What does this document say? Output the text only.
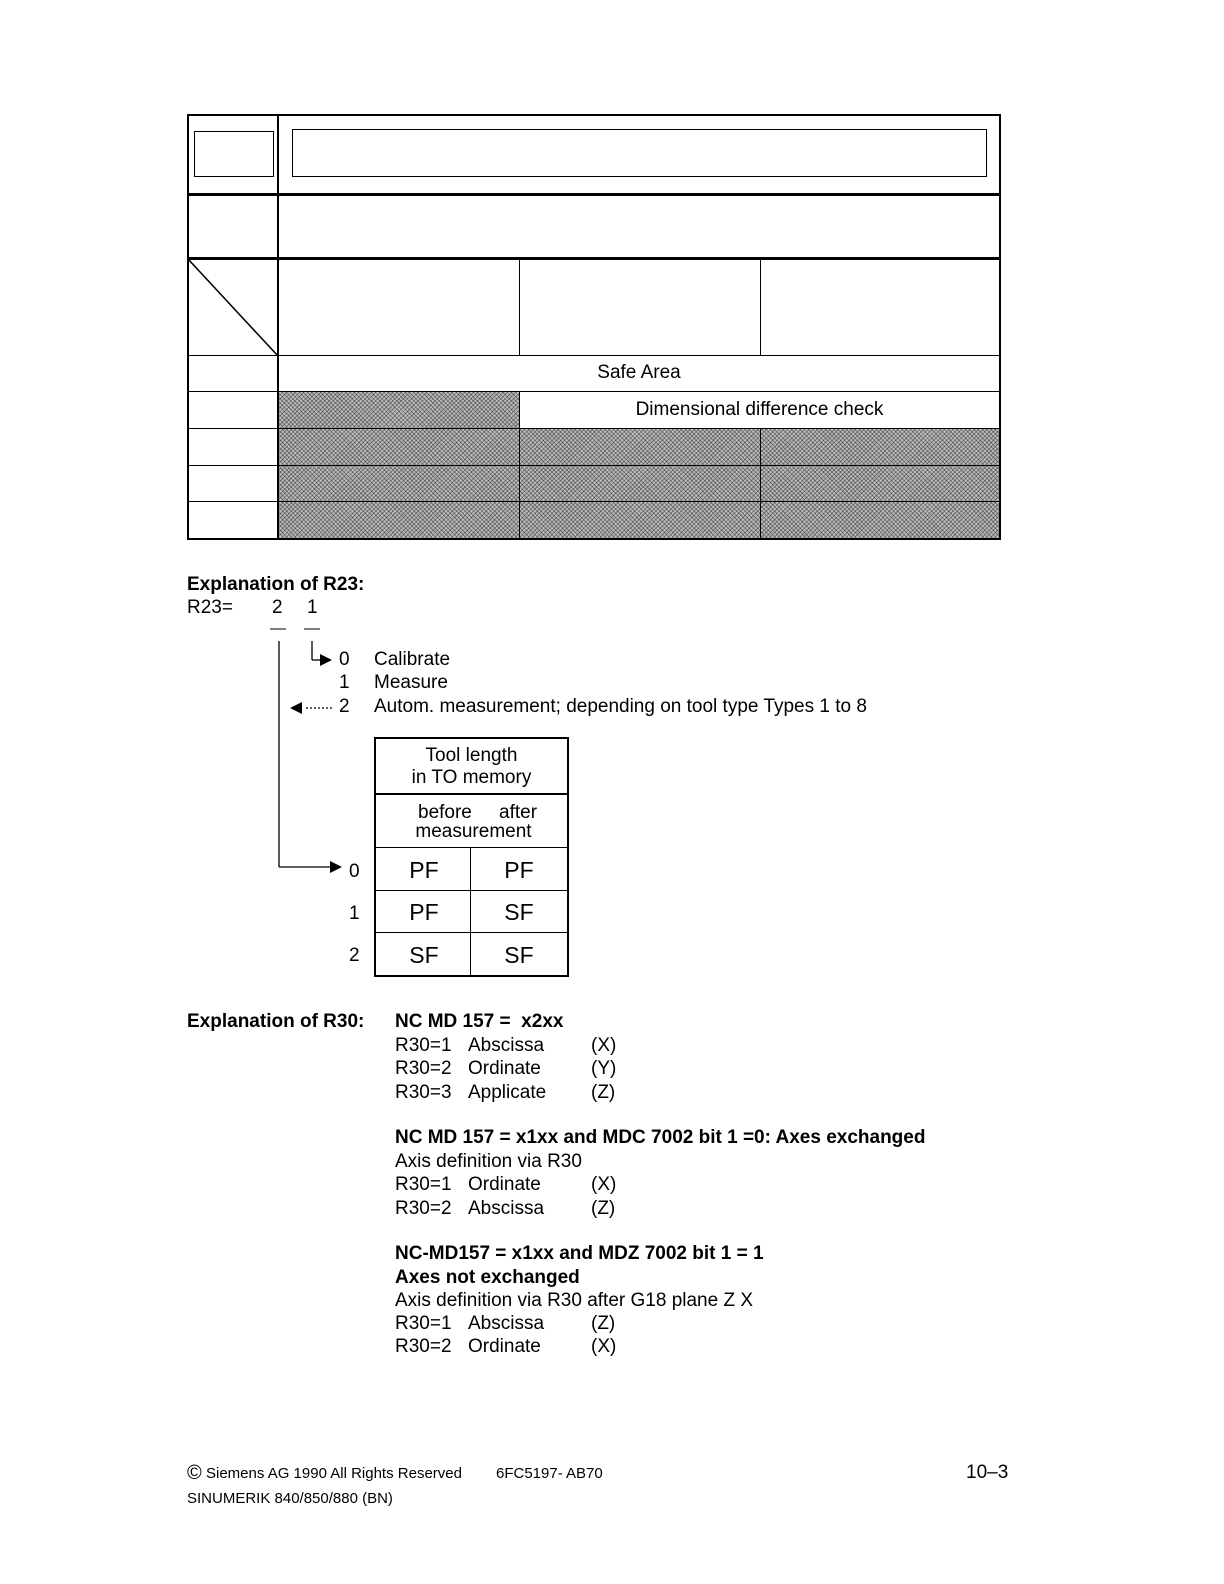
Safe Area
Dimensional difference check
Explanation of R23:
R23= 2 1
0 Calibrate
1 Measure
2 Autom. measurement; depending on tool type Types 1 to 8
Tool length
in TO memory
before after
measurement
0	PF	PF
1	PF	SF
2	SF	SF
Explanation of R30: NC MD 157 =  x2xx
R30=1 Abscissa (X)
R30=2 Ordinate	(Y)
R30=3 Applicate (Z)
NC MD 157 = x1xx and MDC 7002 bit 1 =0: Axes exchanged
Axis definition via R30
R30=1 Ordinate	(X)
R30=2 Abscissa (Z)
NC-MD157 = x1xx and MDZ 7002 bit 1 = 1
Axes not exchanged
Axis definition via R30 after G18 plane Z X
R30=1 Abscissa (Z)
R30=2 Ordinate	(X)
© Siemens AG 1990 All Rights Reserved 6FC5197- AB70	10–3
SINUMERIK 840/850/880 (BN)
